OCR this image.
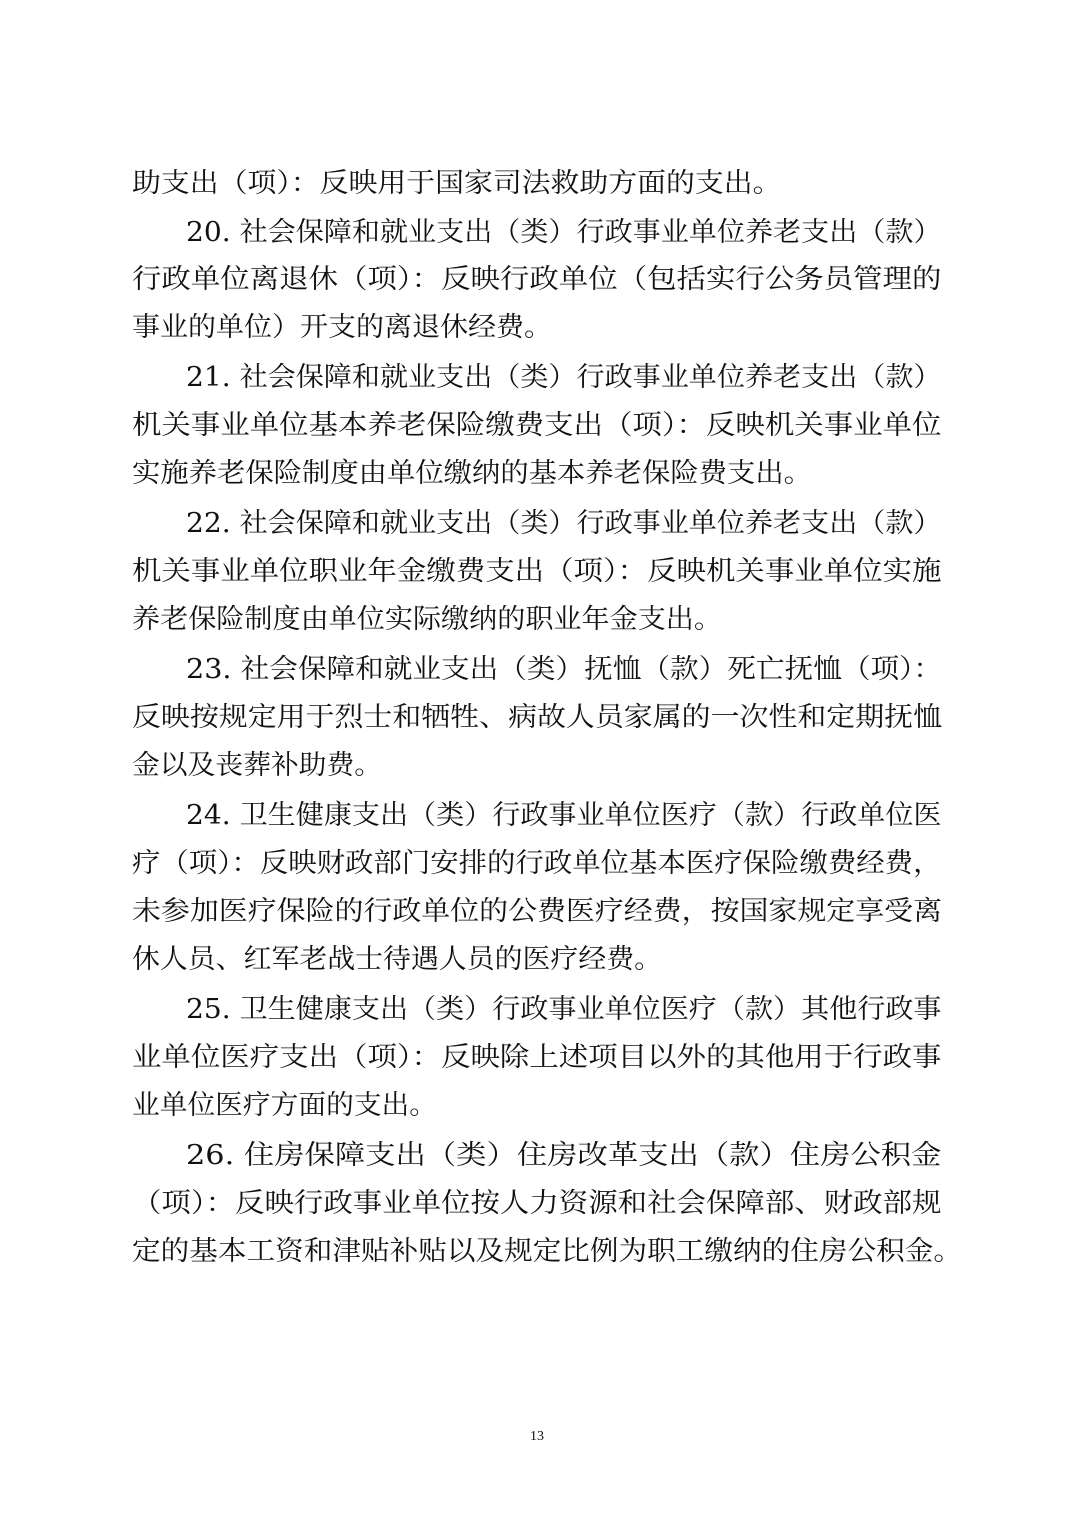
助支出（项）：反映用于国家司法救助方面的支出。
20. 社会保障和就业支出（类）行政事业单位养老支出（款）
行政单位离退休（项）：反映行政单位（包括实行公务员管理的
事业的单位）开支的离退休经费。
21. 社会保障和就业支出（类）行政事业单位养老支出（款）
机关事业单位基本养老保险缴费支出（项）：反映机关事业单位
实施养老保险制度由单位缴纳的基本养老保险费支出。
22. 社会保障和就业支出（类）行政事业单位养老支出（款）
机关事业单位职业年金缴费支出（项）：反映机关事业单位实施
养老保险制度由单位实际缴纳的职业年金支出。
23. 社会保障和就业支出（类）抚恤（款）死亡抚恤（项）：
反映按规定用于烈士和牺牲、病故人员家属的一次性和定期抚恤
金以及丧葬补助费。
24. 卫生健康支出（类）行政事业单位医疗（款）行政单位医
疗（项）：反映财政部门安排的行政单位基本医疗保险缴费经费，
未参加医疗保险的行政单位的公费医疗经费，按国家规定享受离
休人员、红军老战士待遇人员的医疗经费。
25. 卫生健康支出（类）行政事业单位医疗（款）其他行政事
业单位医疗支出（项）：反映除上述项目以外的其他用于行政事
业单位医疗方面的支出。
26. 住房保障支出（类）住房改革支出（款）住房公积金
（项）：反映行政事业单位按人力资源和社会保障部、财政部规
定的基本工资和津贴补贴以及规定比例为职工缴纳的住房公积金。
13
